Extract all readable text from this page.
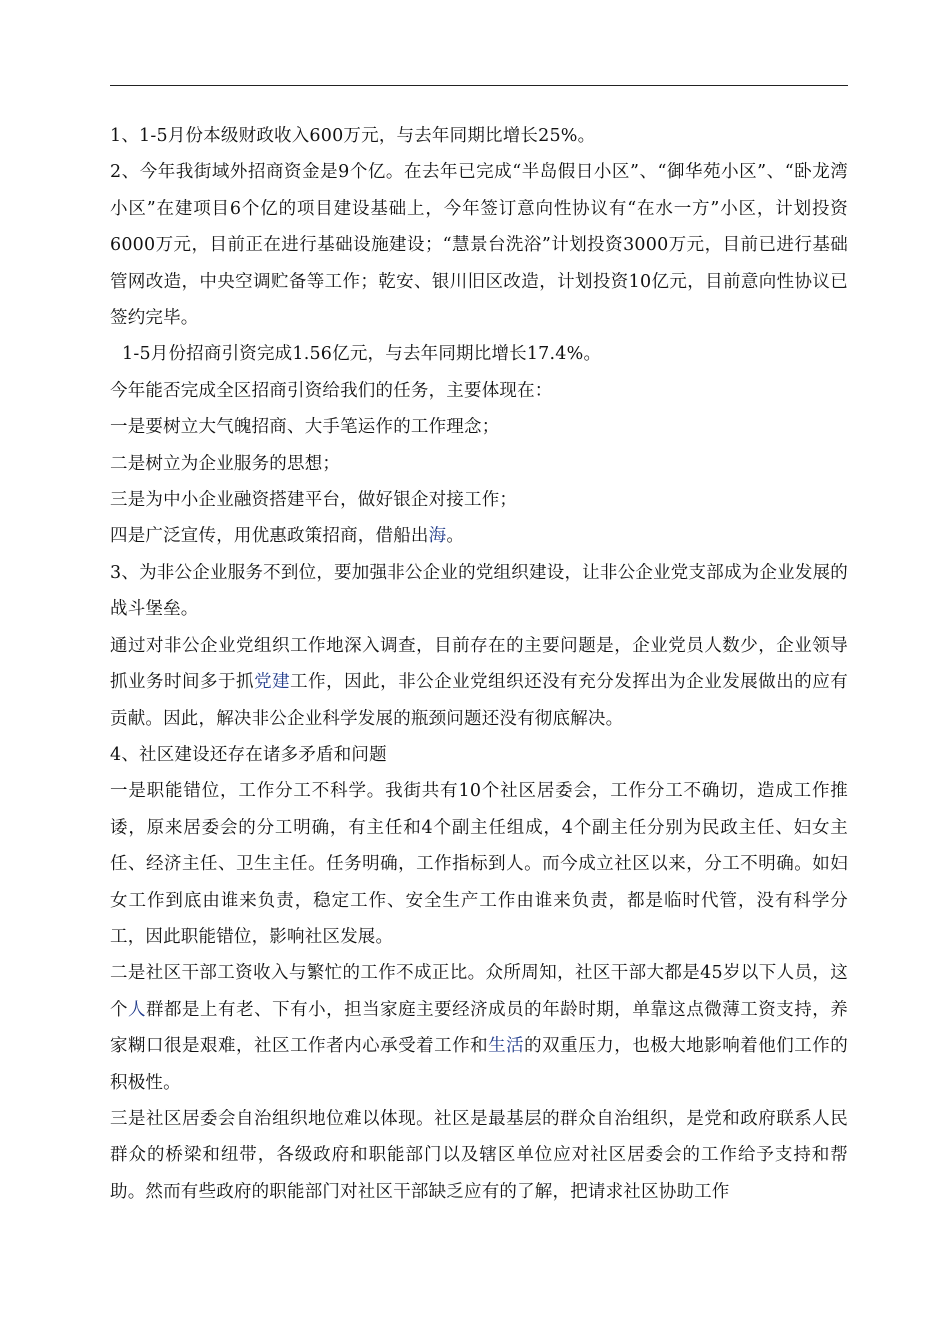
1、1-5月份本级财政收入600万元，与去年同期比增长25%。

2、今年我街域外招商资金是9个亿。在去年已完成“半岛假日小区”、“御华苑小区”、“卧龙湾小区”在建项目6个亿的项目建设基础上，今年签订意向性协议有“在水一方”小区，计划投资6000万元，目前正在进行基础设施建设；“慧景台洗浴”计划投资3000万元，目前已进行基础管网改造，中央空调贮备等工作；乾安、银川旧区改造，计划投资10亿元，目前意向性协议已签约完毕。

1-5月份招商引资完成1.56亿元，与去年同期比增长17.4%。

今年能否完成全区招商引资给我们的任务，主要体现在：

一是要树立大气魄招商、大手笔运作的工作理念；

二是树立为企业服务的思想；

三是为中小企业融资搭建平台，做好银企对接工作；

四是广泛宣传，用优惠政策招商，借船出海。

3、为非公企业服务不到位，要加强非公企业的党组织建设，让非公企业党支部成为企业发展的战斗堡垒。

通过对非公企业党组织工作地深入调查，目前存在的主要问题是，企业党员人数少，企业领导抓业务时间多于抓党建工作，因此，非公企业党组织还没有充分发挥出为企业发展做出的应有贡献。因此，解决非公企业科学发展的瓶颈问题还没有彻底解决。

4、社区建设还存在诸多矛盾和问题

一是职能错位，工作分工不科学。我街共有10个社区居委会，工作分工不确切，造成工作推诿，原来居委会的分工明确，有主任和4个副主任组成，4个副主任分别为民政主任、妇女主任、经济主任、卫生主任。任务明确，工作指标到人。而今成立社区以来，分工不明确。如妇女工作到底由谁来负责，稳定工作、安全生产工作由谁来负责，都是临时代管，没有科学分工，因此职能错位，影响社区发展。

二是社区干部工资收入与繁忙的工作不成正比。众所周知，社区干部大都是45岁以下人员，这个人群都是上有老、下有小，担当家庭主要经济成员的年龄时期，单靠这点微薄工资支持，养家糊口很是艰难，社区工作者内心承受着工作和生活的双重压力，也极大地影响着他们工作的积极性。

三是社区居委会自治组织地位难以体现。社区是最基层的群众自治组织，是党和政府联系人民群众的桥梁和纽带，各级政府和职能部门以及辖区单位应对社区居委会的工作给予支持和帮助。然而有些政府的职能部门对社区干部缺乏应有的了解，把请求社区协助工作
